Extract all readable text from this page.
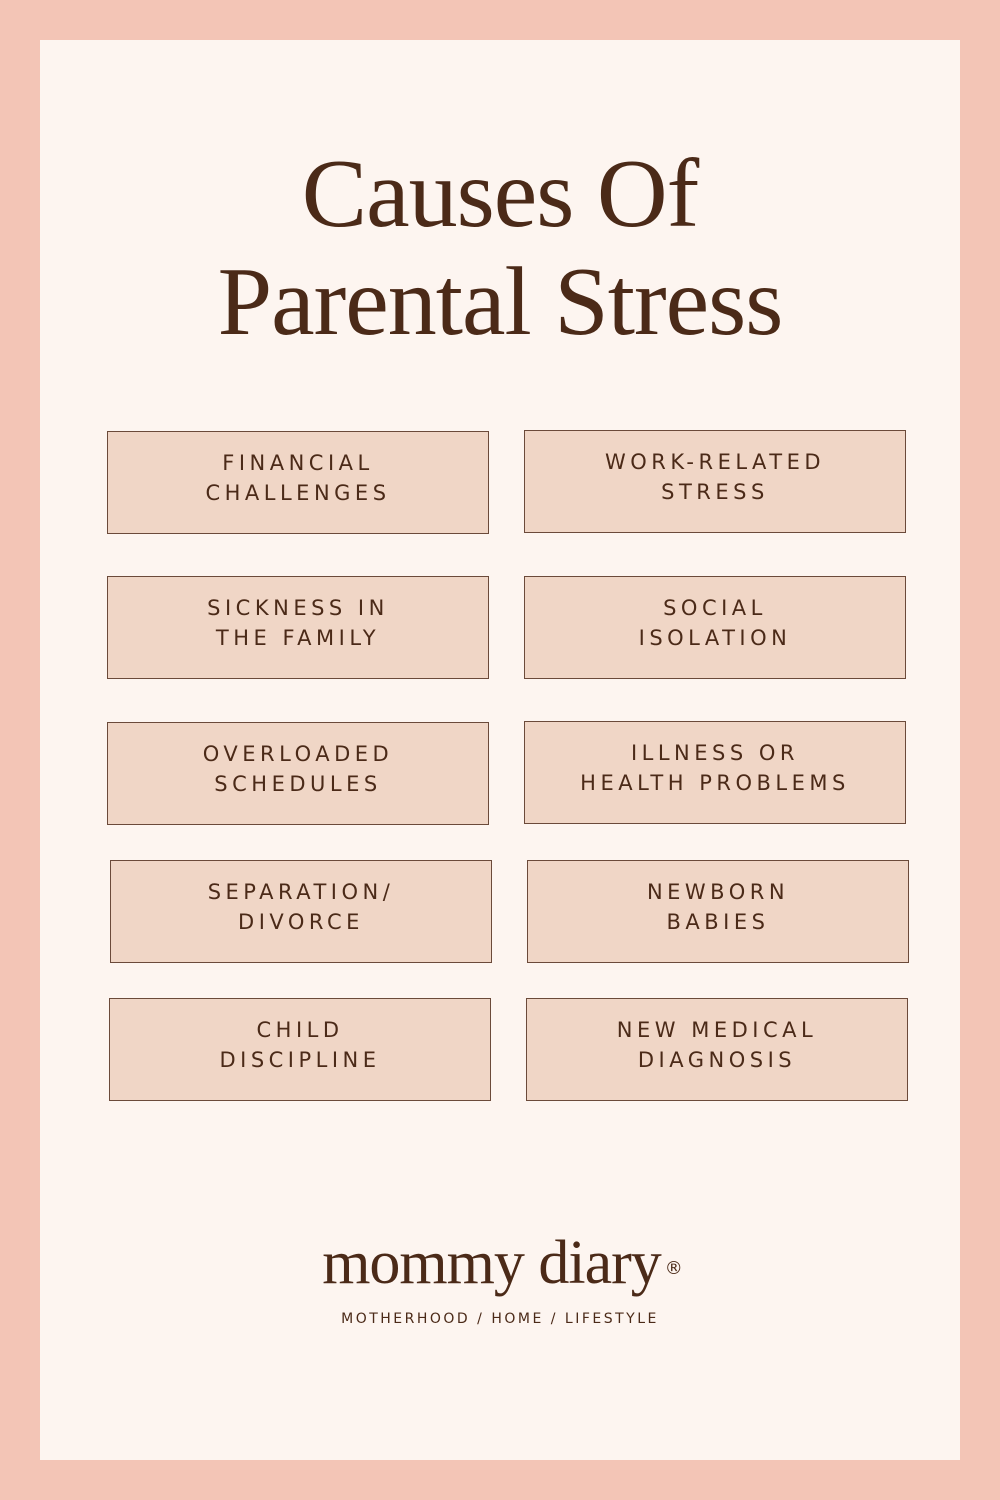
Causes Of
Parental Stress
FINANCIAL
CHALLENGES
WORK-RELATED
STRESS
SICKNESS IN
THE FAMILY
SOCIAL
ISOLATION
OVERLOADED
SCHEDULES
ILLNESS OR
HEALTH PROBLEMS
SEPARATION/
DIVORCE
NEWBORN
BABIES
CHILD
DISCIPLINE
NEW MEDICAL
DIAGNOSIS
mommy diary ®
MOTHERHOOD / HOME / LIFESTYLE
